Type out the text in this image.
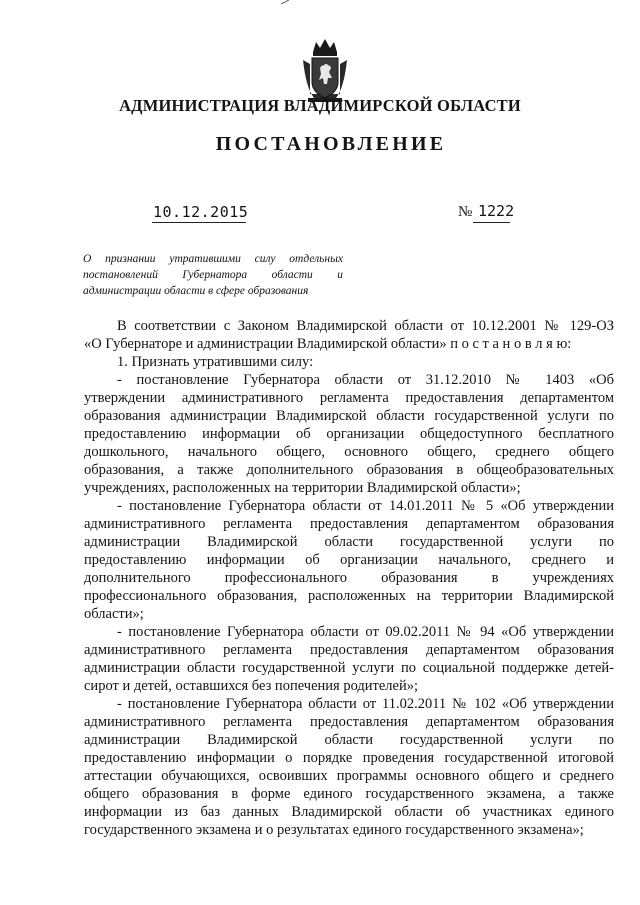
АДМИНИСТРАЦИЯ ВЛАДИМИРСКОЙ ОБЛАСТИ
ПОСТАНОВЛЕНИЕ
10.12.2015	№ 1222
О признании утратившими силу отдельных
постановлений Губернатора области и
администрации области в сфере образования
В соответствии с Законом Владимирской области от 10.12.2001 № 129-ОЗ
«О Губернаторе и администрации Владимирской области» п о с т а н о в л я ю:
1. Признать утратившими силу:
- постановление Губернатора области от 31.12.2010 № 1403 «Об
утверждении административного регламента предоставления департаментом
образования администрации Владимирской области государственной услуги по
предоставлению информации об организации общедоступного бесплатного
дошкольного, начального общего, основного общего, среднего общего
образования, а также дополнительного образования в общеобразовательных
учреждениях, расположенных на территории Владимирской области»;
- постановление Губернатора области от 14.01.2011 № 5 «Об утверждении
административного регламента предоставления департаментом образования
администрации Владимирской области государственной услуги по
предоставлению информации об организации начального, среднего и
дополнительного профессионального образования в учреждениях
профессионального образования, расположенных на территории Владимирской
области»;
- постановление Губернатора области от 09.02.2011 № 94 «Об утверждении
административного регламента предоставления департаментом образования
администрации области государственной услуги по социальной поддержке детей-
сирот и детей, оставшихся без попечения родителей»;
- постановление Губернатора области от 11.02.2011 № 102 «Об утверждении
административного регламента предоставления департаментом образования
администрации Владимирской области государственной услуги по
предоставлению информации о порядке проведения государственной итоговой
аттестации обучающихся, освоивших программы основного общего и среднего
общего образования в форме единого государственного экзамена, а также
информации из баз данных Владимирской области об участниках единого
государственного экзамена и о результатах единого государственного экзамена»;
